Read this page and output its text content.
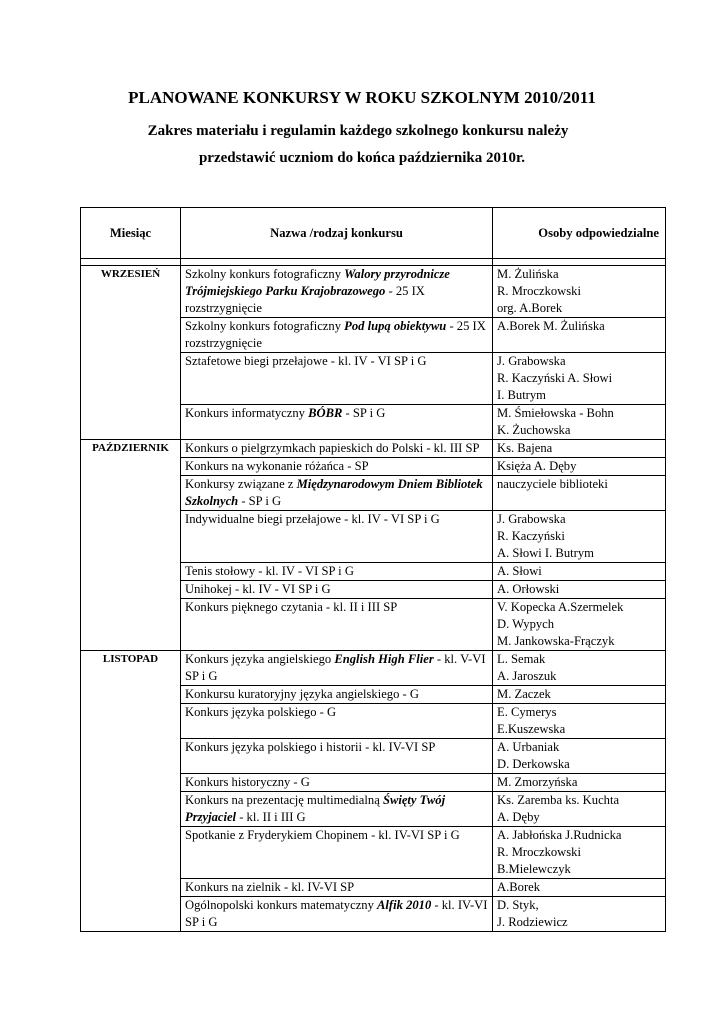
PLANOWANE KONKURSY W ROKU SZKOLNYM 2010/2011

Zakres materiału i regulamin każdego szkolnego konkursu należy

przedstawić uczniom do końca października 2010r.

Miesiąc	Nazwa /rodzaj konkursu	Osoby odpowiedzialne

WRZESIEŃ	Szkolny konkurs fotograficzny Walory przyrodnicze Trójmiejskiego Parku Krajobrazowego - 25 IX rozstrzygnięcie	M. Żulińska
R. Mroczkowski
org. A.Borek

	Szkolny konkurs fotograficzny Pod lupą obiektywu - 25 IX rozstrzygnięcie	A.Borek M. Żulińska

	Sztafetowe biegi przełajowe - kl. IV - VI SP i G	J. Grabowska
R. Kaczyński A. Słowi
I. Butrym

	Konkurs informatyczny BÓBR - SP i G	M. Śmiełowska - Bohn
K. Żuchowska

PAŹDZIERNIK	Konkurs o pielgrzymkach papieskich do Polski - kl. III SP	Ks. Bajena

	Konkurs na wykonanie różańca - SP	Księża A. Dęby

	Konkursy związane z Międzynarodowym Dniem Bibliotek Szkolnych - SP i G	nauczyciele biblioteki

	Indywidualne biegi przełajowe - kl. IV - VI SP i G	J. Grabowska
R. Kaczyński
A. Słowi I. Butrym

	Tenis stołowy - kl. IV - VI SP i G	A. Słowi

	Unihokej - kl. IV - VI SP i G	A. Orłowski

	Konkurs pięknego czytania - kl. II i III SP	V. Kopecka A.Szermelek
D. Wypych
M. Jankowska-Frączyk

LISTOPAD	Konkurs języka angielskiego English High Flier - kl. V-VI SP i G	L. Semak
A. Jaroszuk

	Konkursu kuratoryjny języka angielskiego - G	M. Zaczek

	Konkurs języka polskiego - G	E. Cymerys
E.Kuszewska

	Konkurs języka polskiego i historii - kl. IV-VI SP	A. Urbaniak
D. Derkowska

	Konkurs historyczny - G	M. Zmorzyńska

	Konkurs na prezentację multimedialną Święty Twój Przyjaciel - kl. II i III G	Ks. Zaremba ks. Kuchta
A. Dęby

	Spotkanie z Fryderykiem Chopinem - kl. IV-VI SP i G	A. Jabłońska J.Rudnicka
R. Mroczkowski
B.Mielewczyk

	Konkurs na zielnik - kl. IV-VI SP	A.Borek

	Ogólnopolski konkurs matematyczny Alfik 2010 - kl. IV-VI SP i G	D. Styk,
J. Rodziewicz
